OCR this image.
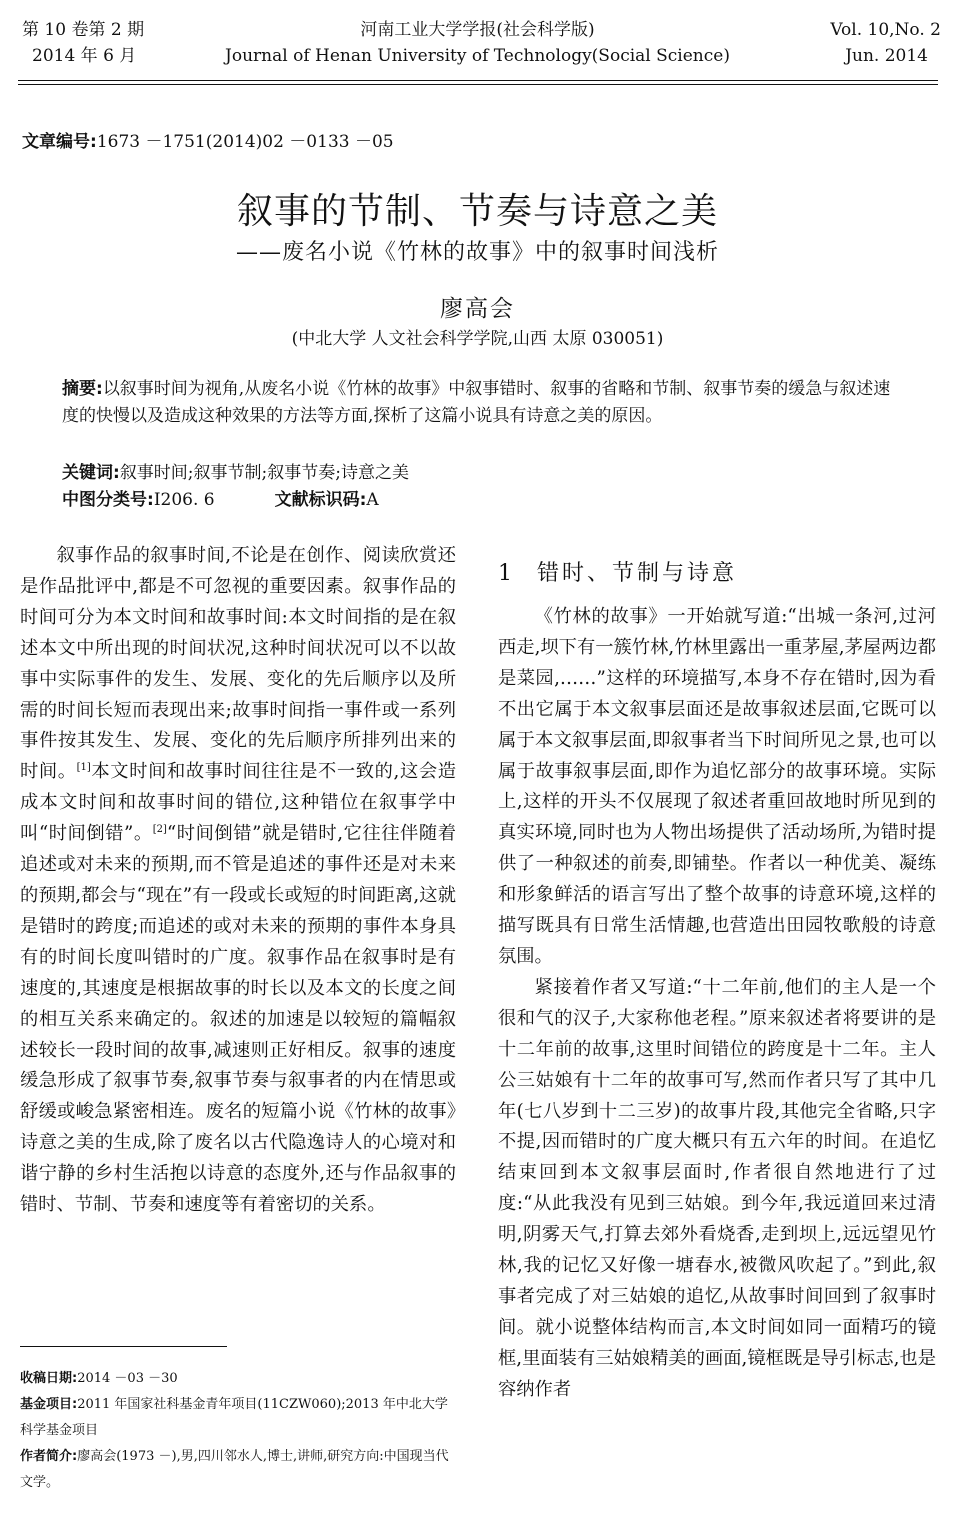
第 10 卷第 2 期
2014 年 6 月
河南工业大学学报(社会科学版)
Journal of Henan University of Technology(Social Science)
Vol. 10,No. 2
Jun. 2014
文章编号:1673 －1751(2014)02 －0133 －05
叙事的节制、节奏与诗意之美
——废名小说《竹林的故事》中的叙事时间浅析
廖高会
(中北大学 人文社会科学学院,山西 太原 030051)
摘要:以叙事时间为视角,从废名小说《竹林的故事》中叙事错时、叙事的省略和节制、叙事节奏的缓急与叙述速度的快慢以及造成这种效果的方法等方面,探析了这篇小说具有诗意之美的原因。
关键词:叙事时间;叙事节制;叙事节奏;诗意之美
中图分类号:I206. 6	文献标识码:A

叙事作品的叙事时间,不论是在创作、阅读欣赏还是作品批评中,都是不可忽视的重要因素。叙事作品的时间可分为本文时间和故事时间:本文时间指的是在叙述本文中所出现的时间状况,这种时间状况可以不以故事中实际事件的发生、发展、变化的先后顺序以及所需的时间长短而表现出来;故事时间指一事件或一系列事件按其发生、发展、变化的先后顺序所排列出来的时间。[1]本文时间和故事时间往往是不一致的,这会造成本文时间和故事时间的错位,这种错位在叙事学中叫“时间倒错”。[2]“时间倒错”就是错时,它往往伴随着追述或对未来的预期,而不管是追述的事件还是对未来的预期,都会与“现在”有一段或长或短的时间距离,这就是错时的跨度;而追述的或对未来的预期的事件本身具有的时间长度叫错时的广度。叙事作品在叙事时是有速度的,其速度是根据故事的时长以及本文的长度之间的相互关系来确定的。叙述的加速是以较短的篇幅叙述较长一段时间的故事,减速则正好相反。叙事的速度缓急形成了叙事节奏,叙事节奏与叙事者的内在情思或舒缓或峻急紧密相连。废名的短篇小说《竹林的故事》诗意之美的生成,除了废名以古代隐逸诗人的心境对和谐宁静的乡村生活抱以诗意的态度外,还与作品叙事的错时、节制、节奏和速度等有着密切的关系。

收稿日期:2014 －03 －30
基金项目:2011 年国家社科基金青年项目(11CZW060);2013 年中北大学科学基金项目
作者简介:廖高会(1973 －),男,四川邻水人,博士,讲师,研究方向:中国现当代文学。
1 错时、节制与诗意

《竹林的故事》一开始就写道:“出城一条河,过河西走,坝下有一簇竹林,竹林里露出一重茅屋,茅屋两边都是菜园,……”这样的环境描写,本身不存在错时,因为看不出它属于本文叙事层面还是故事叙述层面,它既可以属于本文叙事层面,即叙事者当下时间所见之景,也可以属于故事叙事层面,即作为追忆部分的故事环境。实际上,这样的开头不仅展现了叙述者重回故地时所见到的真实环境,同时也为人物出场提供了活动场所,为错时提供了一种叙述的前奏,即铺垫。作者以一种优美、凝练和形象鲜活的语言写出了整个故事的诗意环境,这样的描写既具有日常生活情趣,也营造出田园牧歌般的诗意氛围。

紧接着作者又写道:“十二年前,他们的主人是一个很和气的汉子,大家称他老程。”原来叙述者将要讲的是十二年前的故事,这里时间错位的跨度是十二年。主人公三姑娘有十二年的故事可写,然而作者只写了其中几年(七八岁到十二三岁)的故事片段,其他完全省略,只字不提,因而错时的广度大概只有五六年的时间。在追忆结束回到本文叙事层面时,作者很自然地进行了过度:“从此我没有见到三姑娘。到今年,我远道回来过清明,阴雾天气,打算去郊外看烧香,走到坝上,远远望见竹林,我的记忆又好像一塘春水,被微风吹起了。”到此,叙事者完成了对三姑娘的追忆,从故事时间回到了叙事时间。就小说整体结构而言,本文时间如同一面精巧的镜框,里面装有三姑娘精美的画面,镜框既是导引标志,也是容纳作者
